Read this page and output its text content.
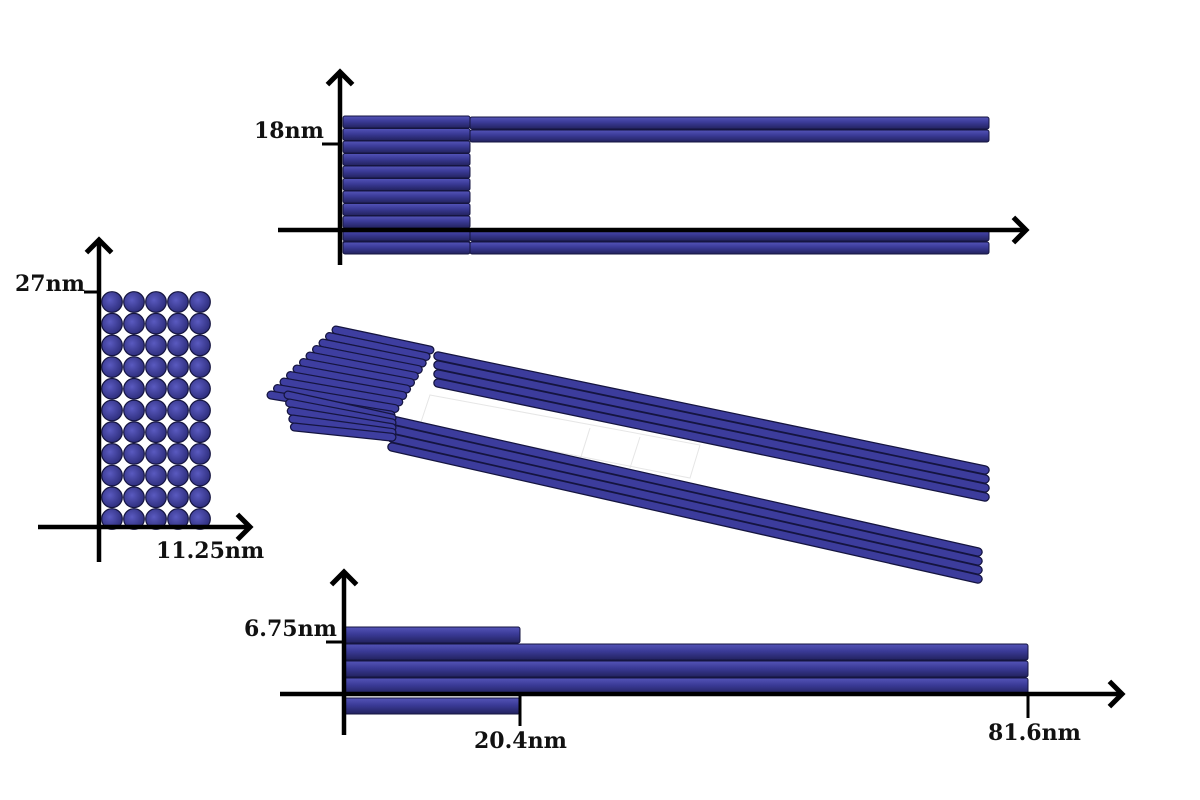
18nm
27nm
11.25nm
6.75nm
20.4nm	81.6nm
